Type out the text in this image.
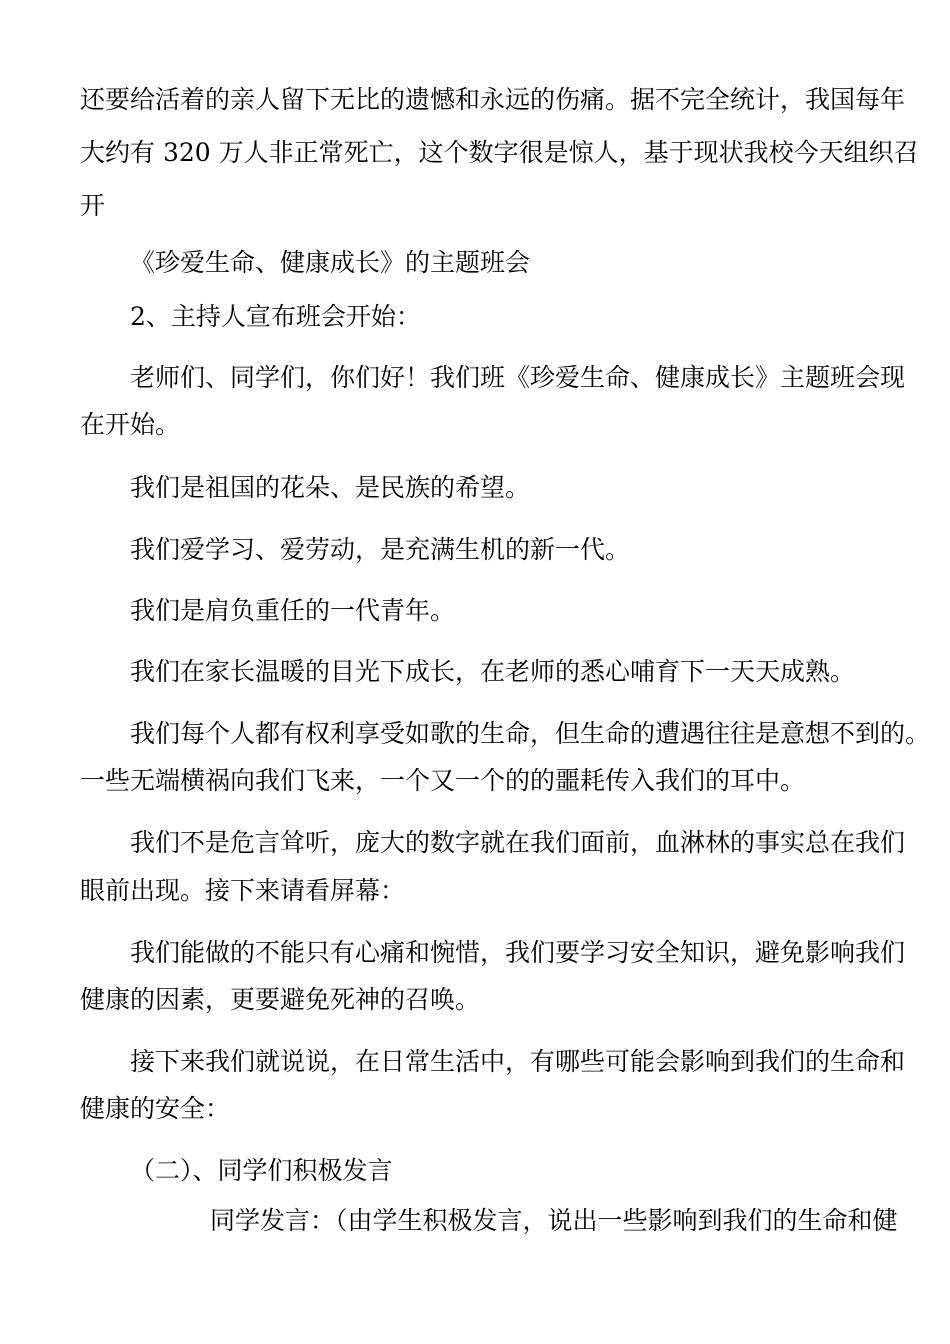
还要给活着的亲人留下无比的遗憾和永远的伤痛。据不完全统计，我国每年
大约有 320 万人非正常死亡，这个数字很是惊人，基于现状我校今天组织召
开
《珍爱生命、健康成长》的主题班会
2、主持人宣布班会开始：
老师们、同学们，你们好！我们班《珍爱生命、健康成长》主题班会现
在开始。
我们是祖国的花朵、是民族的希望。
我们爱学习、爱劳动，是充满生机的新一代。
我们是肩负重任的一代青年。
我们在家长温暖的目光下成长，在老师的悉心哺育下一天天成熟。
我们每个人都有权利享受如歌的生命，但生命的遭遇往往是意想不到的。
一些无端横祸向我们飞来，一个又一个的的噩耗传入我们的耳中。
我们不是危言耸听，庞大的数字就在我们面前，血淋林的事实总在我们
眼前出现。接下来请看屏幕：
我们能做的不能只有心痛和惋惜，我们要学习安全知识，避免影响我们
健康的因素，更要避免死神的召唤。
接下来我们就说说，在日常生活中，有哪些可能会影响到我们的生命和
健康的安全：
（二）、同学们积极发言
同学发言：（由学生积极发言，说出一些影响到我们的生命和健
